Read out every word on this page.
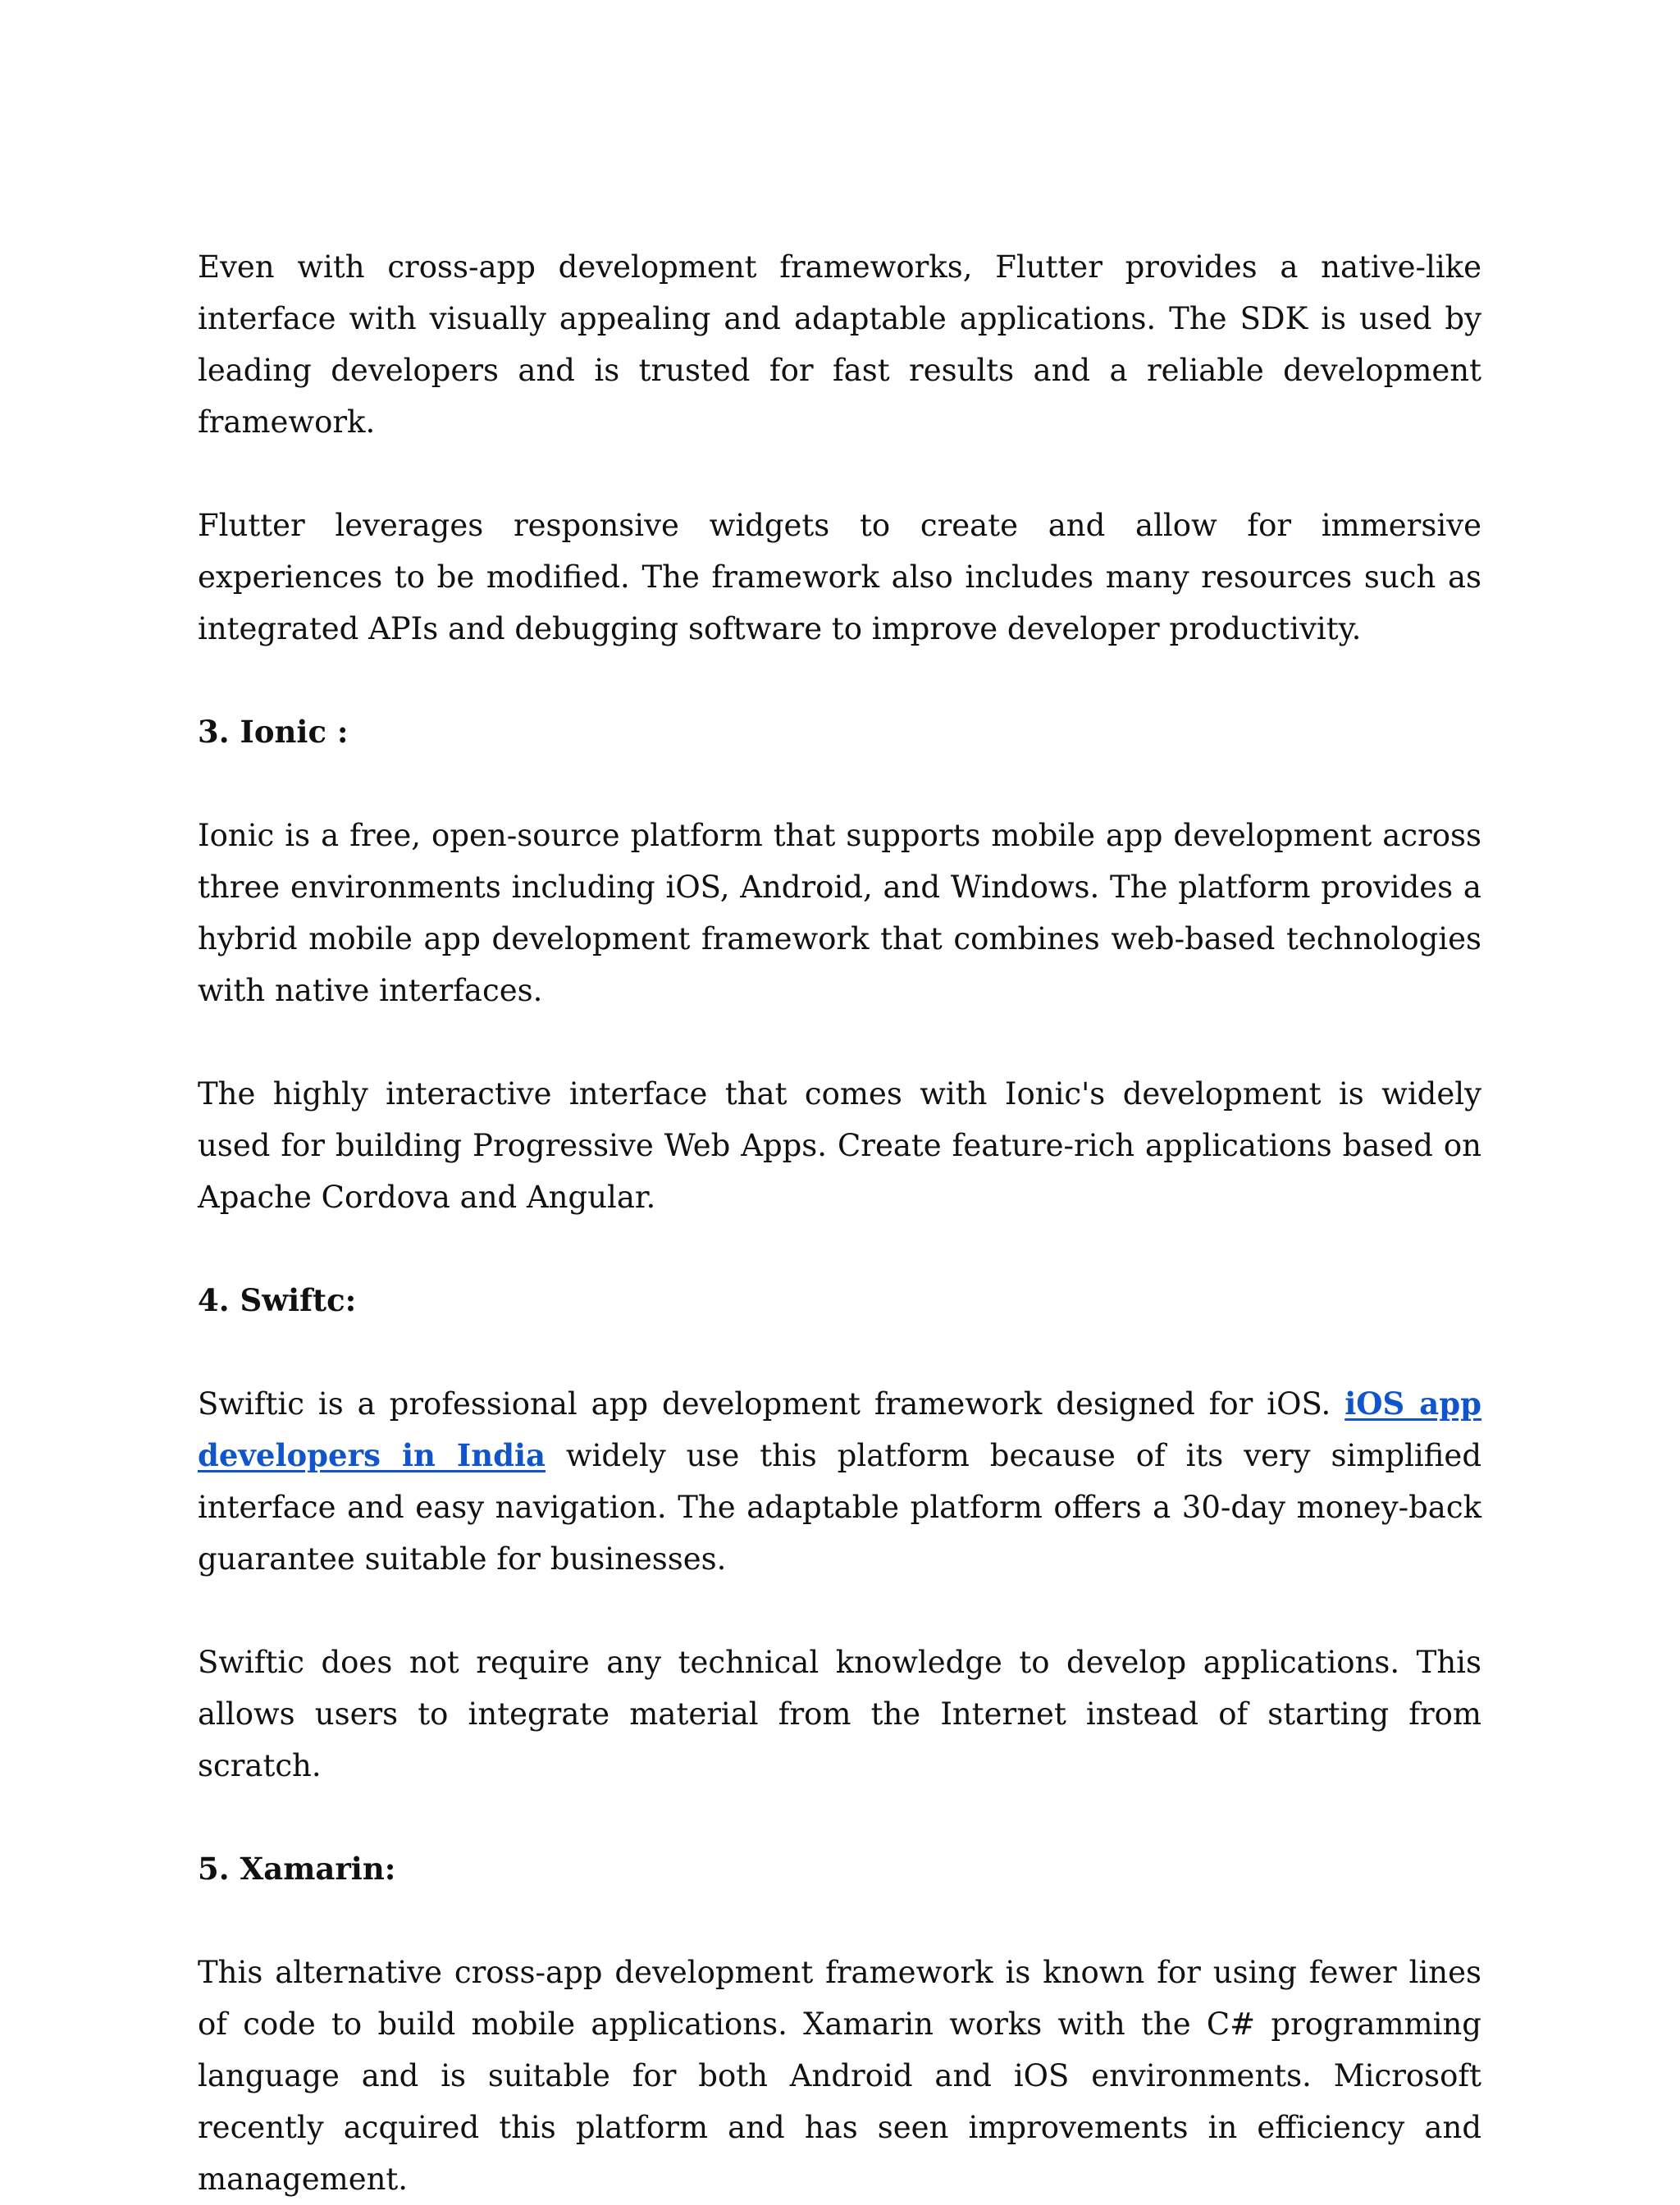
Even with cross-app development frameworks, Flutter provides a native-like interface with visually appealing and adaptable applications. The SDK is used by leading developers and is trusted for fast results and a reliable development framework.

Flutter leverages responsive widgets to create and allow for immersive experiences to be modified. The framework also includes many resources such as integrated APIs and debugging software to improve developer productivity.

3. Ionic :

Ionic is a free, open-source platform that supports mobile app development across three environments including iOS, Android, and Windows. The platform provides a hybrid mobile app development framework that combines web-based technologies with native interfaces.

The highly interactive interface that comes with Ionic's development is widely used for building Progressive Web Apps. Create feature-rich applications based on Apache Cordova and Angular.

4. Swiftc:

Swiftic is a professional app development framework designed for iOS. iOS app developers in India widely use this platform because of its very simplified interface and easy navigation. The adaptable platform offers a 30-day money-back guarantee suitable for businesses.

Swiftic does not require any technical knowledge to develop applications. This allows users to integrate material from the Internet instead of starting from scratch.

5. Xamarin:

This alternative cross-app development framework is known for using fewer lines of code to build mobile applications. Xamarin works with the C# programming language and is suitable for both Android and iOS environments. Microsoft recently acquired this platform and has seen improvements in efficiency and management.
